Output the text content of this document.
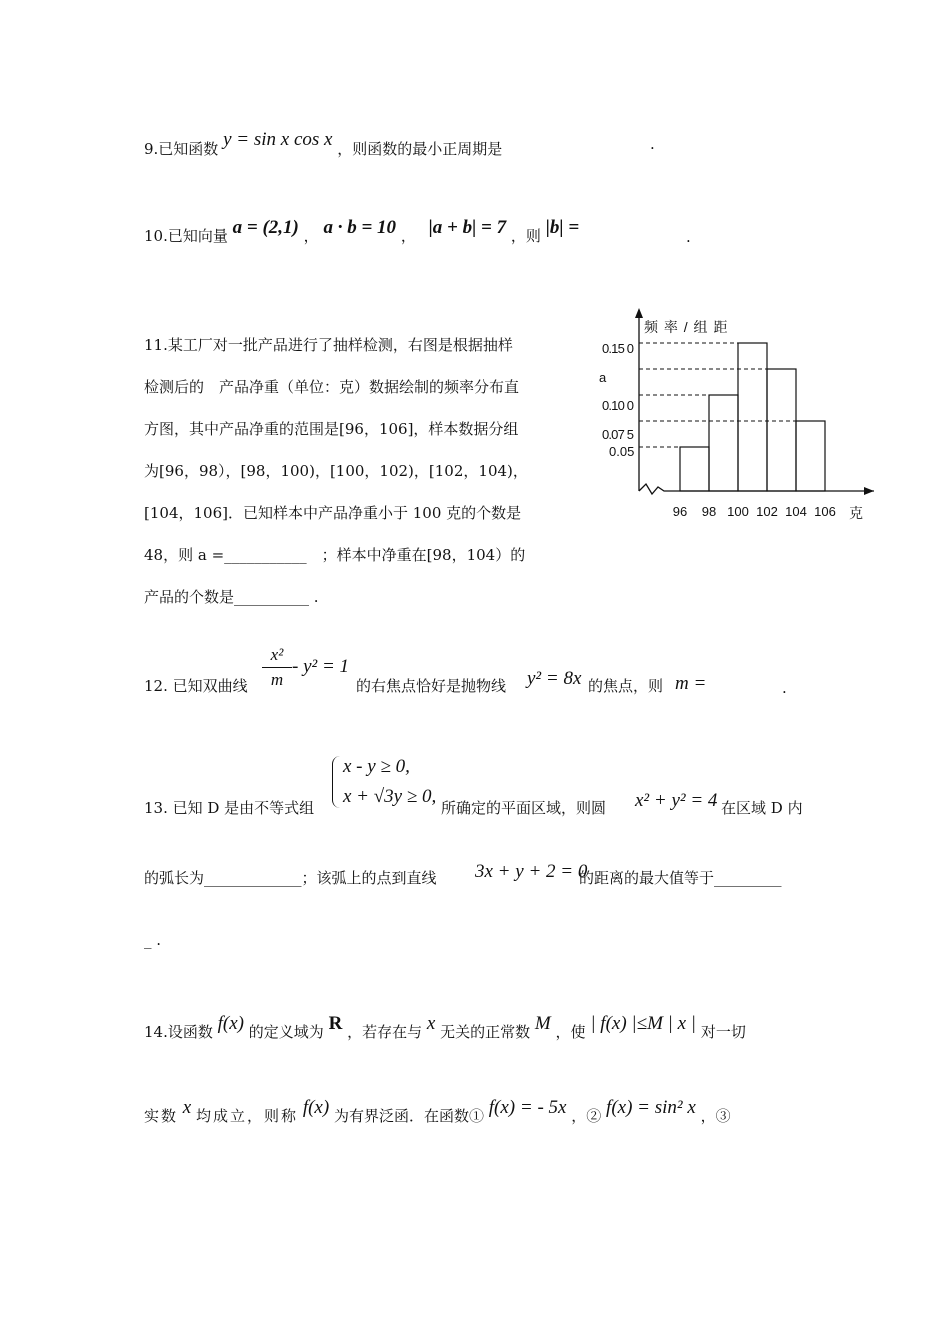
9.已知函数 y = sin x cos x ，则函数的最小正周期是	.
10.已知向量 a = (2,1) ， a · b = 10 ， |a + b| = 7 ，则 |b| =	.
11.某工厂对一批产品进行了抽样检测，右图是根据抽样
检测后的　产品净重（单位：克）数据绘制的频率分布直
方图，其中产品净重的范围是[96，106]，样本数据分组
为[96，98），[98，100)，[100，102)，[102，104)，
[104，106]．已知样本中产品净重小于 100 克的个数是
48，则 a =___________　；样本中净重在[98，104）的
产品的个数是__________ .
频 率 / 组 距
克
0.15 0
a
0.10 0
0.07 5
0.05
96 98 100 102 104 106
12. 已知双曲线 $\frac{\text{x²}}{m} - y^2 = 1$
的右焦点恰好是抛物线 y² = 8x 的焦点，则 m =	.
13. 已知 D 是由不等式组
x - y ≥ 0,
x + √3y ≥ 0,
所确定的平面区域，则圆 x² + y² = 4 在区域 D 内
的弧长为_____________；该弧上的点到直线 3x + y + 2 = 0
的距离的最大值等于_________
_ .
14.设函数 f(x) 的定义域为 R ，若存在与 x 无关的正常数 M ，使 | f(x) |≤M | x | 对一切
实数 x 均成立，则称 f(x) 为有界泛函．在函数① f(x) = - 5x ，② f(x) = sin² x ，③
